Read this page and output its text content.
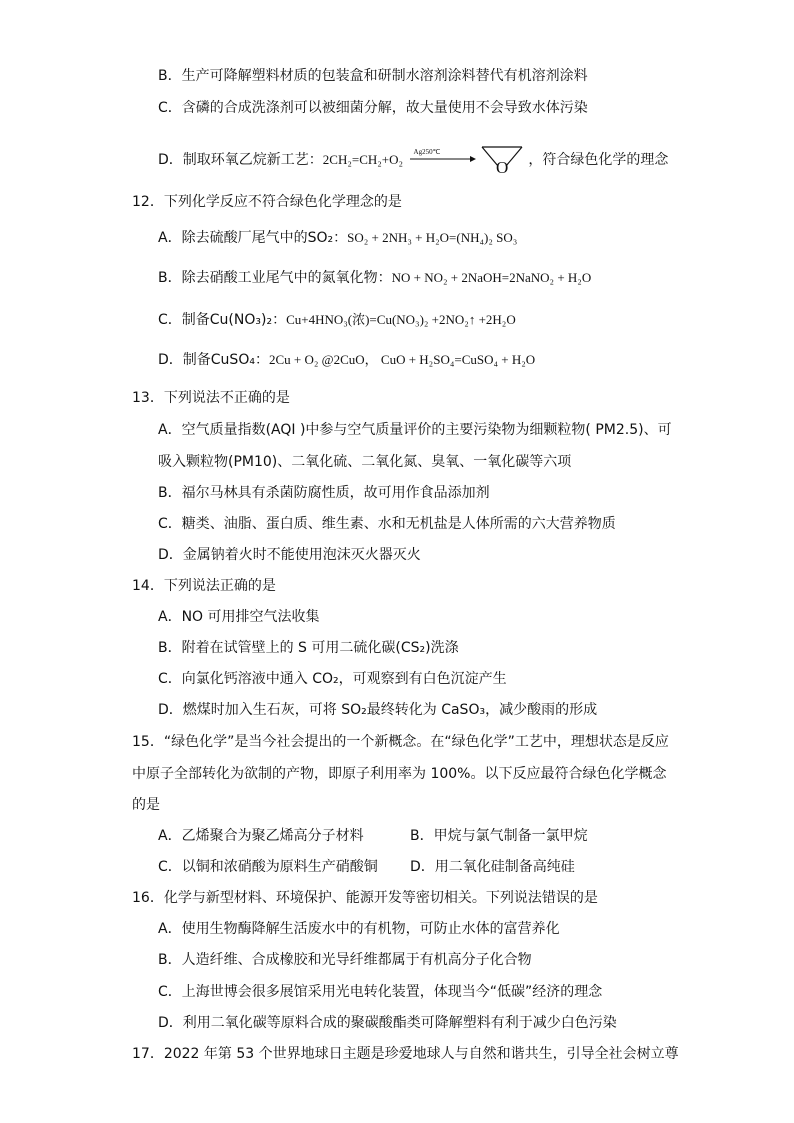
B．生产可降解塑料材质的包装盒和研制水溶剂涂料替代有机溶剂涂料
C．含磷的合成洗涤剂可以被细菌分解，故大量使用不会导致水体污染
D．制取环氧乙烷新工艺：2CH₂=CH₂+O₂ Ag250℃

O ，符合绿色化学的理念
12．下列化学反应不符合绿色化学理念的是
A．除去硫酸厂尾气中的SO₂：SO₂ + 2NH₃ + H₂O=(NH₄)₂ SO₃
B．除去硝酸工业尾气中的氮氧化物：NO + NO₂ + 2NaOH=2NaNO₂ + H₂O
C．制备Cu(NO₃)₂：Cu+4HNO₃(浓)=Cu(NO₃)₂ +2NO₂↑ +2H₂O
D．制备CuSO₄：2Cu + O₂ @2CuO， CuO + H₂SO₄=CuSO₄ + H₂O
13．下列说法不正确的是
A．空气质量指数(AQI )中参与空气质量评价的主要污染物为细颗粒物( PM2.5)、可
吸入颗粒物(PM10)、二氧化硫、二氧化氮、臭氧、一氧化碳等六项
B．福尔马林具有杀菌防腐性质，故可用作食品添加剂
C．糖类、油脂、蛋白质、维生素、水和无机盐是人体所需的六大营养物质
D．金属钠着火时不能使用泡沫灭火器灭火
14．下列说法正确的是
A．NO 可用排空气法收集
B．附着在试管壁上的 S 可用二硫化碳(CS₂)洗涤
C．向氯化钙溶液中通入 CO₂，可观察到有白色沉淀产生
D．燃煤时加入生石灰，可将 SO₂最终转化为 CaSO₃，减少酸雨的形成
15．“绿色化学”是当今社会提出的一个新概念。在“绿色化学”工艺中，理想状态是反应
中原子全部转化为欲制的产物，即原子利用率为 100%。以下反应最符合绿色化学概念
的是
A．乙烯聚合为聚乙烯高分子材料	B．甲烷与氯气制备一氯甲烷
C．以铜和浓硝酸为原料生产硝酸铜 D．用二氧化硅制备高纯硅
16．化学与新型材料、环境保护、能源开发等密切相关。下列说法错误的是
A．使用生物酶降解生活废水中的有机物，可防止水体的富营养化
B．人造纤维、合成橡胶和光导纤维都属于有机高分子化合物
C．上海世博会很多展馆采用光电转化装置，体现当今“低碳”经济的理念
D．利用二氧化碳等原料合成的聚碳酸酯类可降解塑料有利于减少白色污染
17．2022 年第 53 个世界地球日主题是珍爱地球人与自然和谐共生，引导全社会树立尊
